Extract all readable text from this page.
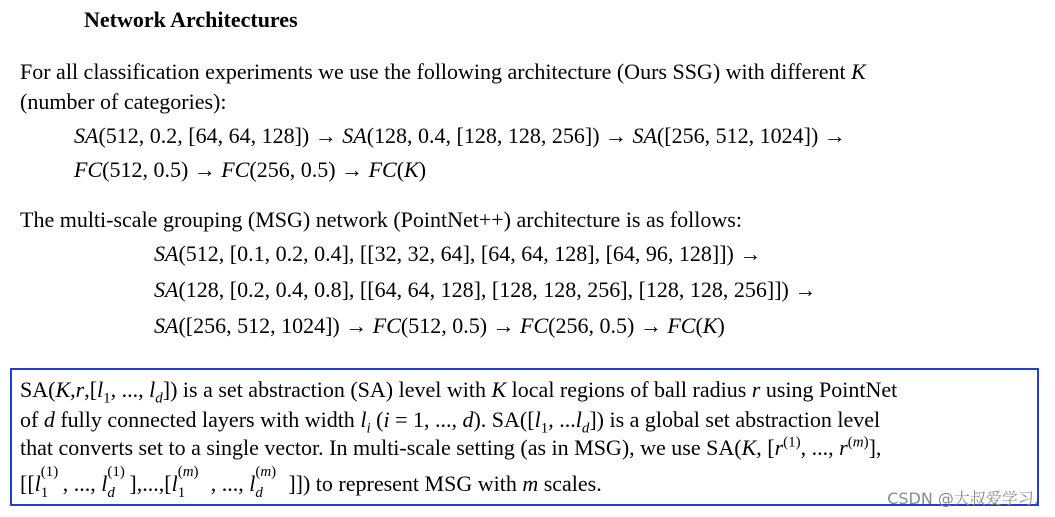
Network Architectures
For all classification experiments we use the following architecture (Ours SSG) with different K
(number of categories):
SA(512, 0.2, [64, 64, 128]) → SA(128, 0.4, [128, 128, 256]) → SA([256, 512, 1024]) →
FC(512, 0.5) → FC(256, 0.5) → FC(K)
The multi-scale grouping (MSG) network (PointNet++) architecture is as follows:
SA(512, [0.1, 0.2, 0.4], [[32, 32, 64], [64, 64, 128], [64, 96, 128]]) →
SA(128, [0.2, 0.4, 0.8], [[64, 64, 128], [128, 128, 256], [128, 128, 256]]) →
SA([256, 512, 1024]) → FC(512, 0.5) → FC(256, 0.5) → FC(K)
$SA(K,r,[l_1$, ..., $l_d$]) is a set abstraction (SA) level with K local regions of ball radius r using PointNet
of d fully connected layers with width $l_i$ (i = 1, ..., d). $SA([l_1$, $...l_d$]) is a global set abstraction level
that converts set to a single vector. In multi-scale setting (as in MSG), we use SA(K, [$r^{(1)}$, ..., $r^{(m)}$],
[[l   (1)
1 , ..., l   (1)
d ],...,[l    (m)
1 , ..., l    (m)
d ]]) to represent MSG with m scales.
CSDN @大叔爱学习.
